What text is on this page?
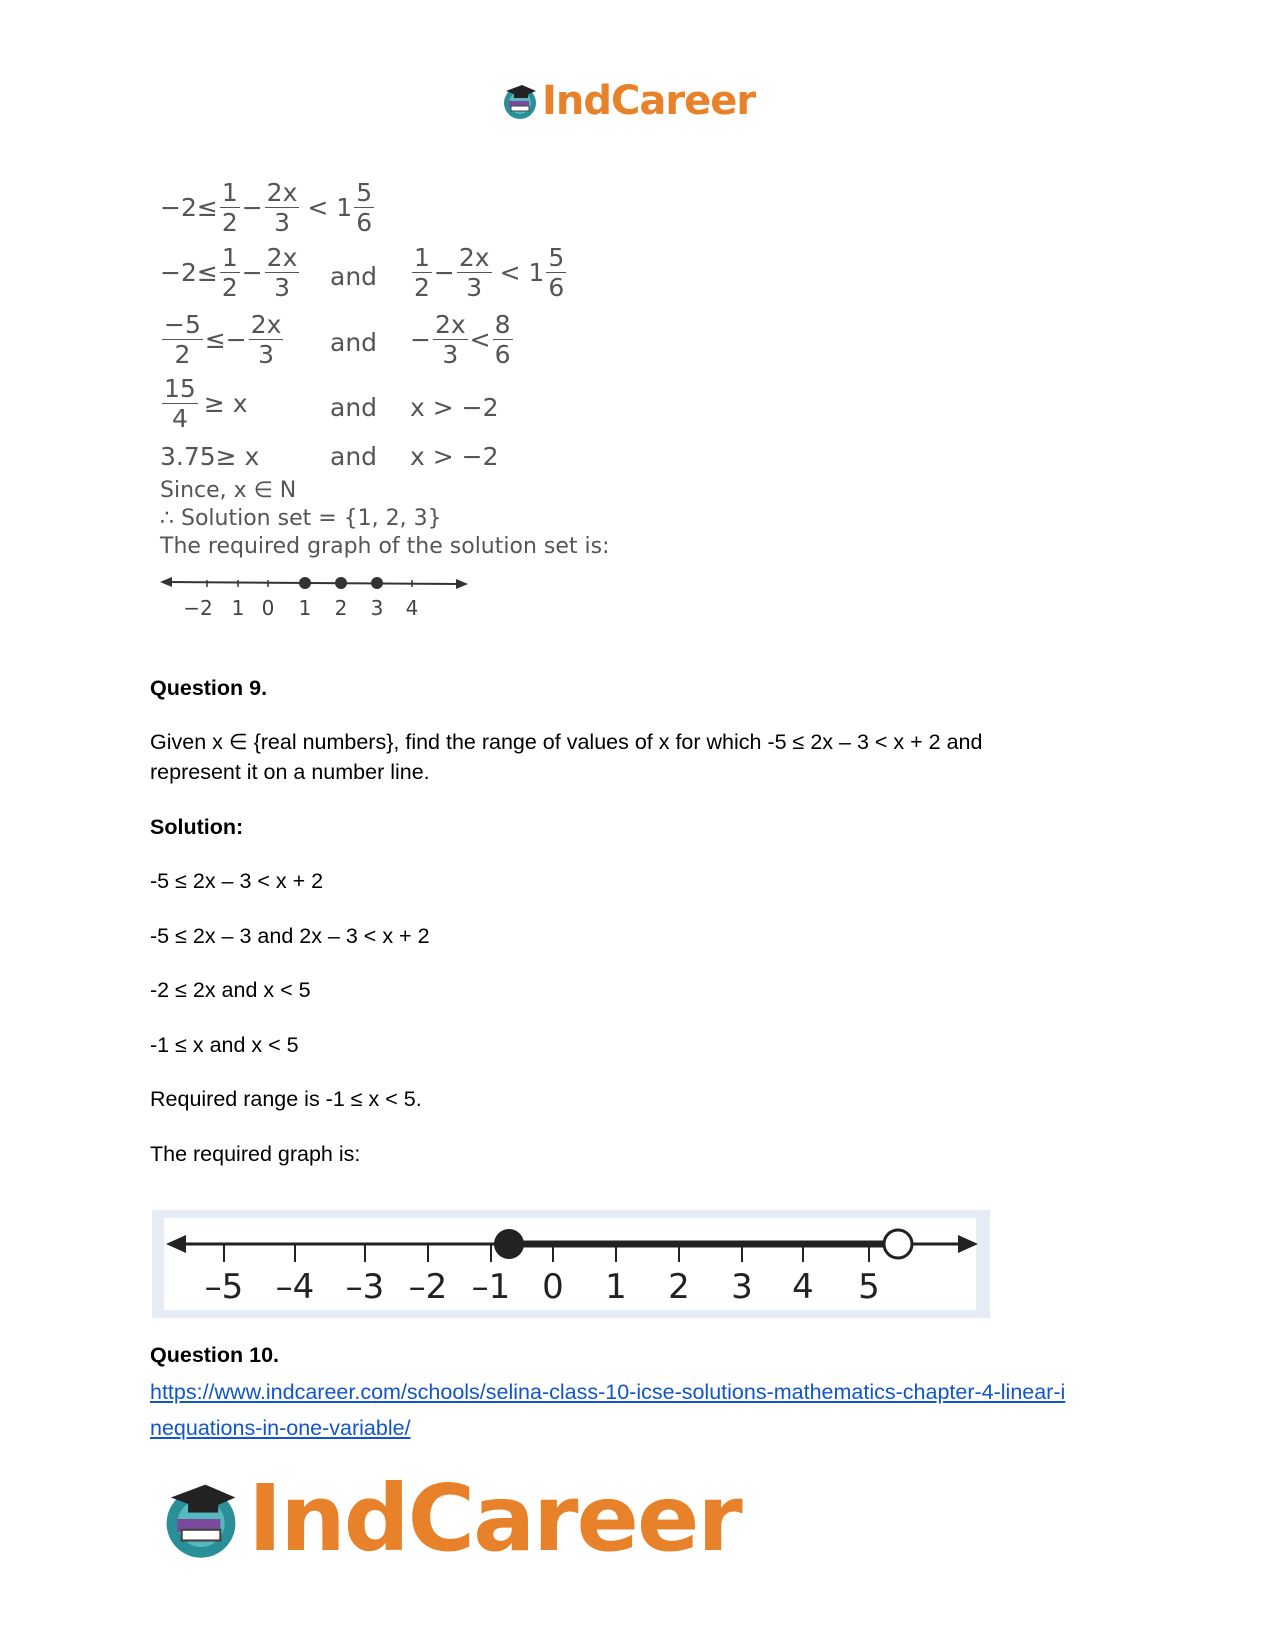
IndCareer
$-2\le \frac{1}{2} - \frac{2x}{3} < 1 \frac{5}{6}$
$-2\le \frac{1}{2} - \frac{2x}{3}$ and $\frac{1}{2} - \frac{2x}{3} < 1 \frac{5}{6}$
$\frac{-5}{2} \le- \frac{2x}{3}$ and − $\frac{2x}{3} < \frac{8}{6}$
$\frac{15}{4} \ge x$	and x > −2
3.75≥ x	and x > −2
Since, x ∈ N
∴ Solution set = {1, 2, 3}
The required graph of the solution set is:
−2 1 0 1 2 3 4
Question 9.
Given x ∈ {real numbers}, find the range of values of x for which -5 ≤ 2x – 3 < x + 2 and
represent it on a number line.
Solution:
-5 ≤ 2x – 3 < x + 2
-5 ≤ 2x – 3 and 2x – 3 < x + 2
-2 ≤ 2x and x < 5
-1 ≤ x and x < 5
Required range is -1 ≤ x < 5.
The required graph is:
–5 –4 –3 –2 –1 0 1 2 3 4 5
Question 10.
https://www.indcareer.com/schools/selina-class-10-icse-solutions-mathematics-chapter-4-linear-i
nequations-in-one-variable/
IndCareer
